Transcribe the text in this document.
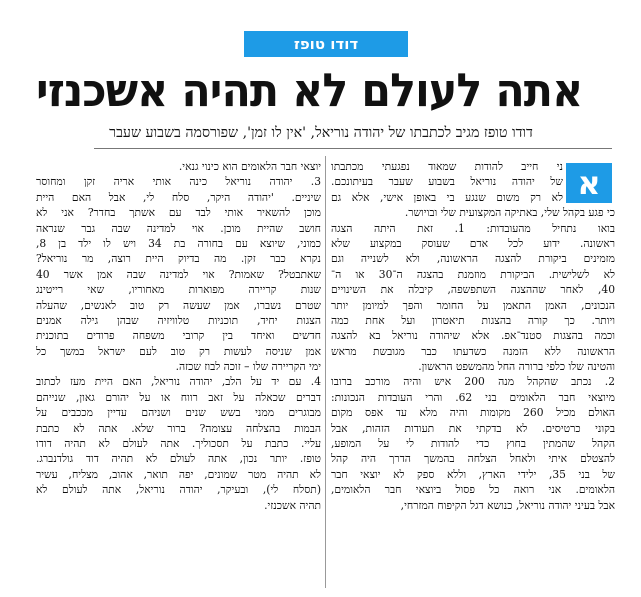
דודו טופז
אתה לעולם לא תהיה אשכנזי
דודו טופז מגיב לכתבתו של יהודה נוריאל, 'אין לו זמן', שפורסמה בשבוע שעבר
א
ני חייב להודות שמאוד נפגעתי מכתבתו
של יהודה נוריאל בשבוע שעבר בעיתונכם.
לא רק משום שנגע בי באופן אישי, אלא גם
כי פגע בקהל שלי, באתיקה המקצועית שלי ובויושר.
בואו נתחיל מהעובדות: 1. זאת היתה הצגה
ראשונה. ידוע לכל אדם שעוסק במקצוע שלא
מזמינים ביקורת להצגה הראשונה, ולא לשנייה וגם
לא לשלישית. הביקורת מוזמנת בהצגה ה־30 או ה־
40, לאחר שההצגה השתפשפה, קיבלה את השינויים
הנכונים, האמן התאמן על החומר והפך למיומן יותר
ויותר. כך קורה בהצגות תיאטרון ועל אחת כמה
וכמה בהצגות סטנד־אפ. אלא שיהודה נוריאל בא להצגה
הראשונה ללא הזמנה כשדעתו כבר מגובשת מראש
והטינה שלו כלפי ברורה החל מהמשפט הראשון.
2. נכתב שהקהל מנה 200 איש והיה מורכב ברובו
מיוצאי חבר הלאומים בני 62. והרי העובדות הנכונות:
האולם מכיל 260 מקומות והיה מלא עד אפס מקום
בקוני כרטיסים. לא בדקתי את תעודות הזהות, אבל
הקהל שהמתין בחוץ כדי להודות לי על המופע,
להצטלם איתי ולאחל הצלחה בהמשך הדרך היה קהל
של בני 35, ילידי הארץ, וללא ספק לא יוצאי חבר
הלאומים. אני רואה כל פסול ביוצאי חבר הלאומים,
אבל בעיני יהודה נוריאל, כנושא דגל הקיפוח המזרחי,
יוצאי חבר הלאומים הוא כינוי גנאי.
3. יהודה נוריאל כינה אותי אריה זקן ומחוסר
שיניים. 'יהודה היקר, סלח לי, אבל האם היית
מוכן להשאיר אותי לבד עם אשתך בחדר? אני לא
חושב שהיית מוכן. אוי למדינה שבה גבר שנראה
כמוני, שיוצא עם בחורה בת 34 ויש לו ילד בן 8,
נקרא כבר זקן. מה בדיוק היית רוצה, מר נוריאל?
שאתבטל? שאמות? אוי למדינה שבה אמן אשר 40
שנות קריירה מפוארות מאחוריו, שאי רייטינג
שטרם נשברו, אמן שעשה רק טוב לאנשים, שהעלה
הצגות יחיד, תוכניות טלוויזיה שבהן גילה אמנים
חדשים ואיחד בין קרובי משפחה פרודים בתוכנית
אמן שניסה לעשות רק טוב לעם ישראל במשך כל
ימי הקריירה שלו – זוכה לבוז שכזה.
4. עם יד על הלב, יהודה נוריאל, האם היית מעז לכתוב
דברים שכאלה על זאב רווח או על יהורם גאון, שנייהם
מבוגרים ממני בשש שנים ושניהם עדיין מככבים על
הבמות בהצלחה עצומה? ברור שלא. אתה לא כתבת
עליי. כתבת על תסכוליך. אתה לעולם לא תהיה דודו
טופז. יותר נכון, אתה לעולם לא תהיה דוד גולדנברג.
לא תהיה מטר שמונים, יפה תואר, אהוב, מצליח, עשיר
(תסלח לי), ובעיקר, יהודה נוריאל, אתה לעולם לא
תהיה אשכנזי.
